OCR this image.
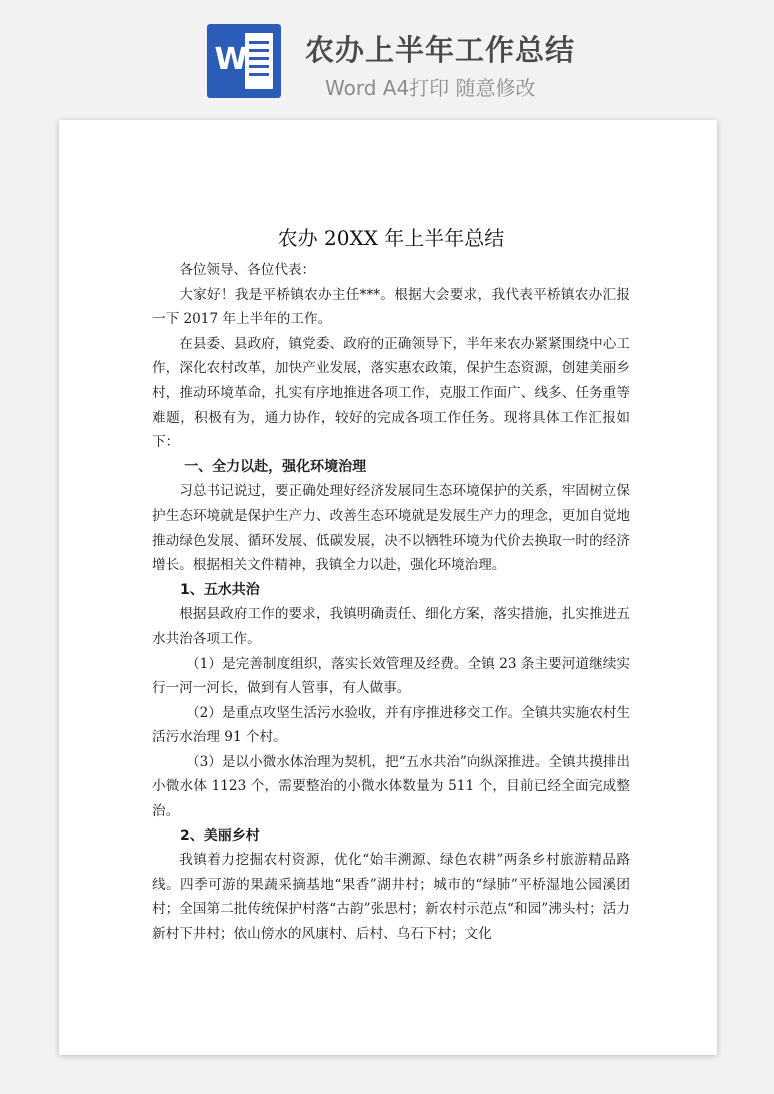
W 农办上半年工作总结
Word A4打印 随意修改
农办 20XX 年上半年总结

各位领导、各位代表：

大家好！我是平桥镇农办主任***。根据大会要求，我代表平桥镇农办汇报一下 2017 年上半年的工作。

在县委、县政府，镇党委、政府的正确领导下，半年来农办紧紧围绕中心工作，深化农村改革，加快产业发展，落实惠农政策，保护生态资源，创建美丽乡村，推动环境革命，扎实有序地推进各项工作，克服工作面广、线多、任务重等难题，积极有为，通力协作，较好的完成各项工作任务。现将具体工作汇报如下：

一、全力以赴，强化环境治理

习总书记说过，要正确处理好经济发展同生态环境保护的关系，牢固树立保护生态环境就是保护生产力、改善生态环境就是发展生产力的理念，更加自觉地推动绿色发展、循环发展、低碳发展，决不以牺牲环境为代价去换取一时的经济增长。根据相关文件精神，我镇全力以赴，强化环境治理。

1、五水共治

根据县政府工作的要求，我镇明确责任、细化方案，落实措施，扎实推进五水共治各项工作。

（1）是完善制度组织，落实长效管理及经费。全镇 23 条主要河道继续实行一河一河长，做到有人管事，有人做事。

（2）是重点攻坚生活污水验收，并有序推进移交工作。全镇共实施农村生活污水治理 91 个村。

（3）是以小微水体治理为契机，把“五水共治”向纵深推进。全镇共摸排出小微水体 1123 个，需要整治的小微水体数量为 511 个，目前已经全面完成整治。

2、美丽乡村

我镇着力挖掘农村资源，优化“始丰溯源、绿色农耕”两条乡村旅游精品路线。四季可游的果蔬采摘基地“果香”湖井村；城市的“绿肺”平桥湿地公园溪团村；全国第二批传统保护村落“古韵”张思村；新农村示范点“和园”沸头村；活力新村下井村；依山傍水的风康村、后村、乌石下村；文化
